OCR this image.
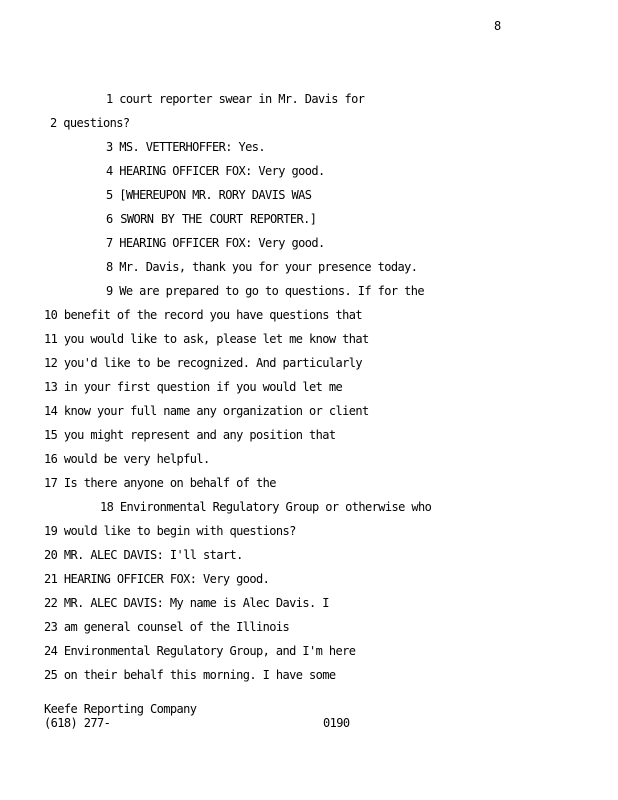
8
1 court reporter swear in Mr. Davis for
2 questions?
3 MS. VETTERHOFFER: Yes.
4 HEARING OFFICER FOX: Very good.
5 [WHEREUPON MR. RORY DAVIS WAS
6 SWORN BY THE COURT REPORTER.]
7 HEARING OFFICER FOX: Very good.
8 Mr. Davis, thank you for your presence today.
9 We are prepared to go to questions. If for the
10 benefit of the record you have questions that
11 you would like to ask, please let me know that
12 you'd like to be recognized. And particularly
13 in your first question if you would let me
14 know your full name any organization or client
15 you might represent and any position that
16 would be very helpful.
17 Is there anyone on behalf of the
18 Environmental Regulatory Group or otherwise who
19 would like to begin with questions?
20 MR. ALEC DAVIS: I'll start.
21 HEARING OFFICER FOX: Very good.
22 MR. ALEC DAVIS: My name is Alec Davis. I
23 am general counsel of the Illinois
24 Environmental Regulatory Group, and I'm here
25 on their behalf this morning. I have some
Keefe Reporting Company
(618) 277-	0190
